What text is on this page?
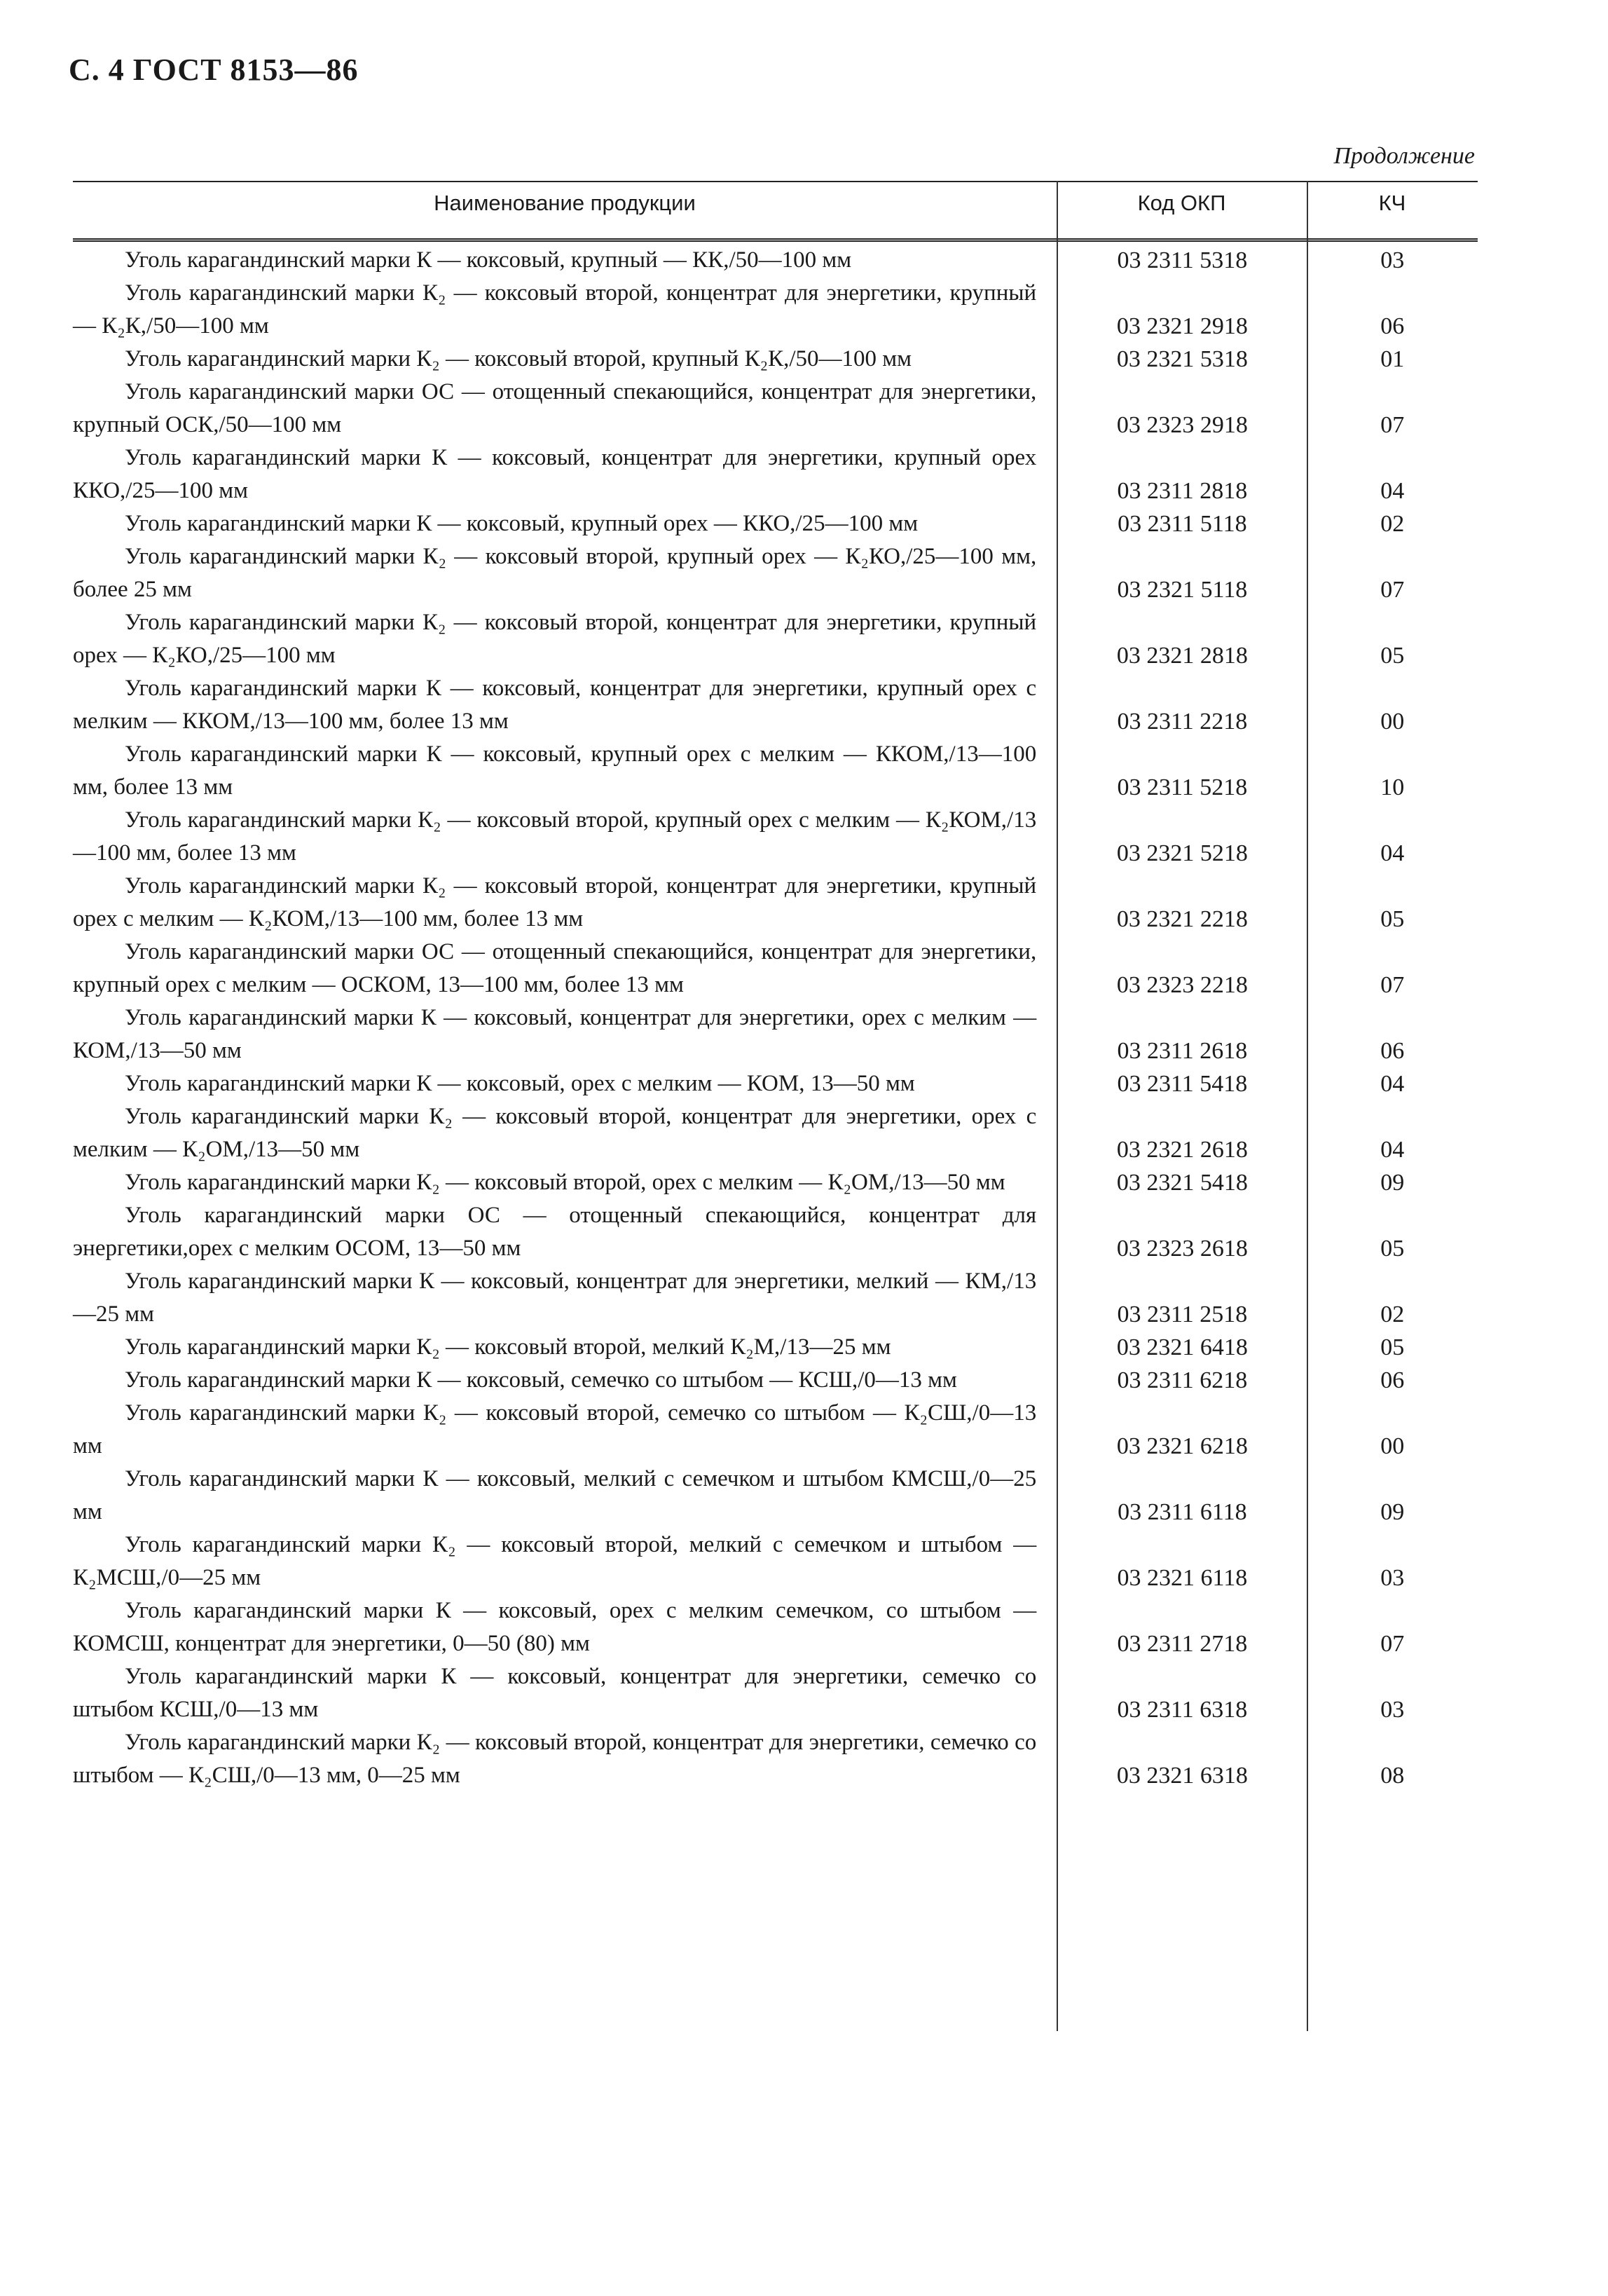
С. 4 ГОСТ 8153—86
Продолжение
Наименование продукции	Код ОКП	КЧ
Уголь карагандинский марки К — коксовый, крупный — КК,/50—100 мм	03 2311 5318	03
Уголь карагандинский марки К₂ — коксовый второй, концентрат для энергетики, крупный — К₂К,/50—100 мм	03 2321 2918	06
Уголь карагандинский марки К₂ — коксовый второй, крупный К₂К,/50—100 мм	03 2321 5318	01
Уголь карагандинский марки ОС — отощенный спекающийся, концентрат для энергетики, крупный ОСК,/50—100 мм	03 2323 2918	07
Уголь карагандинский марки К — коксовый, концентрат для энергетики, крупный орех ККО,/25—100 мм	03 2311 2818	04
Уголь карагандинский марки К — коксовый, крупный орех — ККО,/25—100 мм	03 2311 5118	02
Уголь карагандинский марки К₂ — коксовый второй, крупный орех — К₂КО,/25—100 мм, более 25 мм	03 2321 5118	07
Уголь карагандинский марки К₂ — коксовый второй, концентрат для энергетики, крупный орех — К₂КО,/25—100 мм	03 2321 2818	05
Уголь карагандинский марки К — коксовый, концентрат для энергетики, крупный орех с мелким — ККОМ,/13—100 мм, более 13 мм	03 2311 2218	00
Уголь карагандинский марки К — коксовый, крупный орех с мелким — ККОМ,/13—100 мм, более 13 мм	03 2311 5218	10
Уголь карагандинский марки К₂ — коксовый второй, крупный орех с мелким — К₂КОМ,/13—100 мм, более 13 мм	03 2321 5218	04
Уголь карагандинский марки К₂ — коксовый второй, концентрат для энергетики, крупный орех с мелким — К₂КОМ,/13—100 мм, более 13 мм	03 2321 2218	05
Уголь карагандинский марки ОС — отощенный спекающийся, концентрат для энергетики, крупный орех с мелким — ОСКОМ, 13—100 мм, более 13 мм	03 2323 2218	07
Уголь карагандинский марки К — коксовый, концентрат для энергетики, орех с мелким — КОМ,/13—50 мм	03 2311 2618	06
Уголь карагандинский марки К — коксовый, орех с мелким — КОМ, 13—50 мм	03 2311 5418	04
Уголь карагандинский марки К₂ — коксовый второй, концентрат для энергетики, орех с мелким — К₂ОМ,/13—50 мм	03 2321 2618	04
Уголь карагандинский марки К₂ — коксовый второй, орех с мелким — К₂ОМ,/13—50 мм	03 2321 5418	09
Уголь карагандинский марки ОС — отощенный спекающийся, концентрат для энергетики,орех с мелким ОСОМ, 13—50 мм	03 2323 2618	05
Уголь карагандинский марки К — коксовый, концентрат для энергетики, мелкий — КМ,/13—25 мм	03 2311 2518	02
Уголь карагандинский марки К₂ — коксовый второй, мелкий К₂М,/13—25 мм	03 2321 6418	05
Уголь карагандинский марки К — коксовый, семечко со штыбом — КСШ,/0—13 мм	03 2311 6218	06
Уголь карагандинский марки К₂ — коксовый второй, семечко со штыбом — К₂СШ,/0—13 мм	03 2321 6218	00
Уголь карагандинский марки К — коксовый, мелкий с семечком и штыбом КМСШ,/0—25 мм	03 2311 6118	09
Уголь карагандинский марки К₂ — коксовый второй, мелкий с семечком и штыбом — К₂МСШ,/0—25 мм	03 2321 6118	03
Уголь карагандинский марки К — коксовый, орех с мелким семечком, со штыбом — КОМСШ, концентрат для энергетики, 0—50 (80) мм	03 2311 2718	07
Уголь карагандинский марки К — коксовый, концентрат для энергетики, семечко со штыбом КСШ,/0—13 мм	03 2311 6318	03
Уголь карагандинский марки К₂ — коксовый второй, концентрат для энергетики, семечко со штыбом — К₂СШ,/0—13 мм, 0—25 мм	03 2321 6318	08
